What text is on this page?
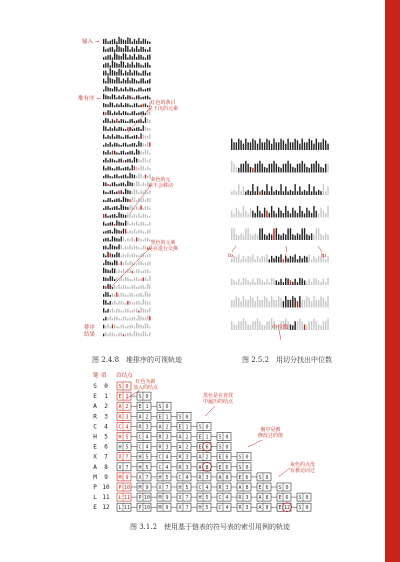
S 0 S 0
E 1 E 1 S 0
A 2 A 2 E 1 S 0
R 3 R 3 A 2 E 1 S 0
C 4 C 4 R 3 A 2 E 1 S 0
H 5 H 5 C 4 R 3 A 2 E 1 S 0
E 6 H 5 C 4 R 3 A 2 E 6 S 0
X 7 X 7 H 5 C 4 R 3 A 2 E 6 S 0
A 8 X 7 H 5 C 4 R 3 A 8 E 6 S 0
M 9 M 9 X 7 H 5 C 4 R 3 A 8 E 6 S 0
P 10 P 10 M 9 X 7 H 5 C 4 R 3 A 8 E 6 S 0
L 11 L 11 P 10 M 9 X 7 H 5 C 4 R 3 A 8 E 6 S 0
E 12 L 11 P 10 M 9 X 7 H 5 C 4 R 3 A 8 E 12 S 0
输入 →
堆有序 →
排序
结果
红色的条目
是下沉的元素
灰色的元
素不会移动
黑色的元素
是在进行交换
图 2.4.8　堆排序的可视轨迹
lo	i	hi
中位数
图 2.5.2　用切分找出中位数
键 值 首结点
红色为新
加入的结点
黑色是在查找
中遍历的结点
圈中是被
修改过的值
灰色的点没
有被访问过
图 3.1.2　使用基于链表的符号表的索引用例的轨迹
